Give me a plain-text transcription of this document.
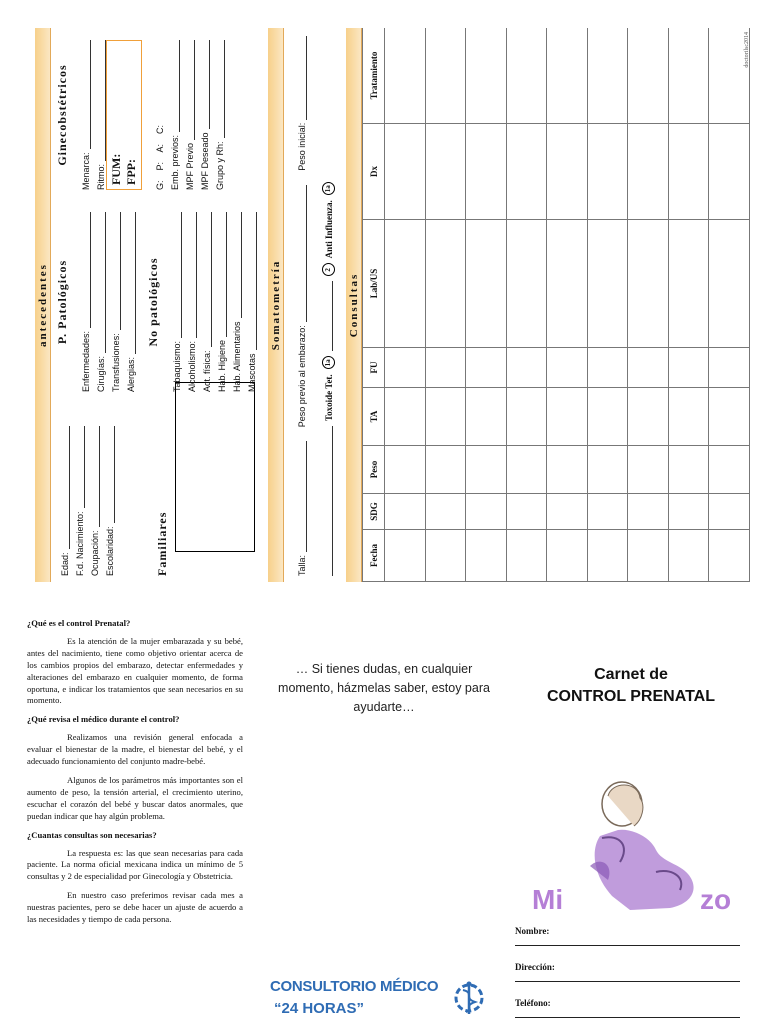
antecedentes
Edad: F.d. Nacimiento: Ocupación: Escolaridad:	Familiares
P. Patológicos
Enfermedades: Cirugías: Transfusiones: Alergias:
No patológicos
Tabaquismo: Alcoholismo: Act. física: Hab. Higiene Hab. Alimentarios Mascotas
Ginecobstétricos
Menarca: Ritmo: FUM: FPP: G:    P:    A:    C: Emb. previos: MPF Previo MPF Deseado Grupo y Rh:
Somatometría
Talla:
Peso previo al embarazo:
Peso inicial:
Toxoide Tet.
1a
2
Anti Influenza.
1a
Consultas
Fecha	SDG	Peso	TA	FU	Lab/US	Dx	Tratamiento

doctorilsc2014
¿Qué es el control Prenatal?

Es la atención de la mujer embarazada y su bebé, antes del nacimiento, tiene como objetivo orientar acerca de los cambios propios del embarazo, detectar enfermedades y alteraciones del embarazo en cualquier momento, de forma oportuna, e indicar los tratamientos que sean necesarios en su momento.

¿Qué revisa el médico durante el control?

Realizamos una revisión general enfocada a evaluar el bienestar de la madre, el bienestar del bebé, y el adecuado funcionamiento del conjunto madre-bebé.

Algunos de los parámetros más importantes son el aumento de peso, la tensión arterial, el crecimiento uterino, escuchar el corazón del bebé y buscar datos anormales, que puedan indicar que hay algún problema.

¿Cuantas consultas son necesarias?

La respuesta es: las que sean necesarias para cada paciente. La norma oficial mexicana indica un mínimo de 5 consultas y 2 de especialidad por Ginecología y Obstetricia.

En nuestro caso preferimos revisar cada mes a nuestras pacientes, pero se debe hacer un ajuste de acuerdo a las necesidades y tiempo de cada persona.

… Si tienes dudas, en cualquier momento, házmelas saber, estoy para ayudarte…
CONSULTORIO MÉDICO
“24 HORAS”
Carnet de
CONTROL PRENATAL
Mi	zo
Nombre:
Dirección:
Teléfono:
